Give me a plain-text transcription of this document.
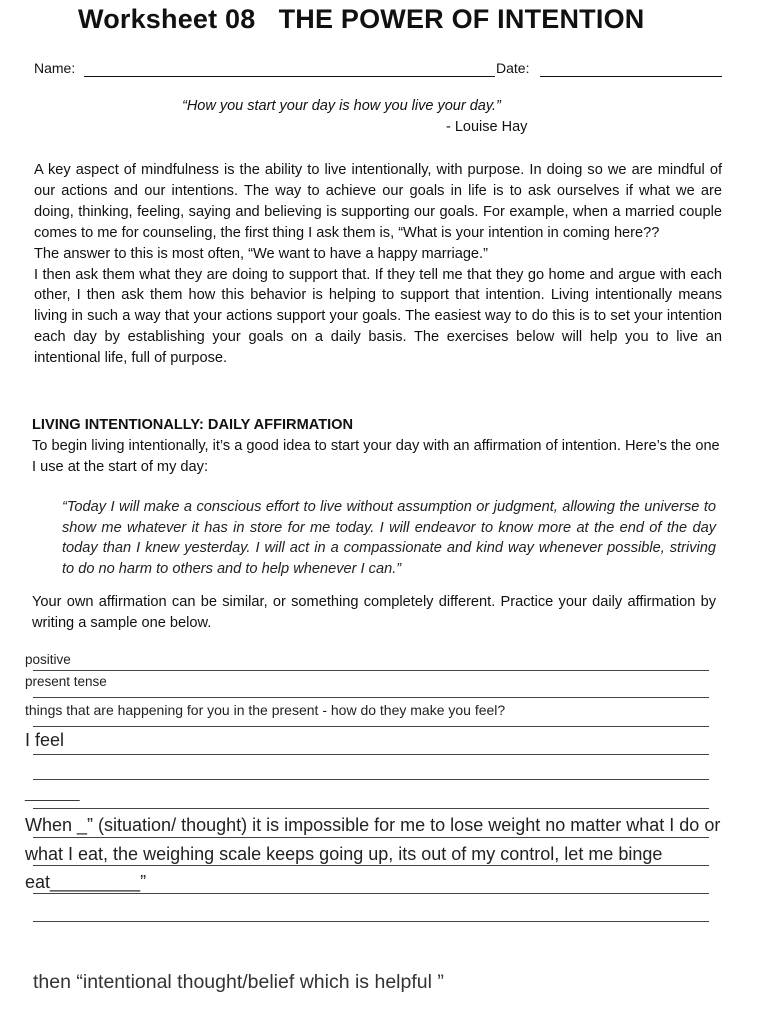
Worksheet 08   THE POWER OF INTENTION
Name:	Date:
“How you start your day is how you live your day.”
- Louise Hay

A key aspect of mindfulness is the ability to live intentionally, with purpose. In doing so we are mindful of our actions and our intentions. The way to achieve our goals in life is to ask ourselves if what we are doing, thinking, feeling, saying and believing is supporting our goals. For example, when a married couple comes to me for counseling, the first thing I ask them is, “What is your intention in coming here??

The answer to this is most often, “We want to have a happy marriage.”

I then ask them what they are doing to support that. If they tell me that they go home and argue with each other, I then ask them how this behavior is helping to support that intention. Living intentionally means living in such a way that your actions support your goals. The easiest way to do this is to set your intention each day by establishing your goals on a daily basis. The exercises below will help you to live an intentional life, full of purpose.

LIVING INTENTIONALLY: DAILY AFFIRMATION
To begin living intentionally, it’s a good idea to start your day with an affirmation of intention. Here’s the one I use at the start of my day:
“Today I will make a conscious effort to live without assumption or judgment, allowing the universe to show me whatever it has in store for me today. I will endeavor to know more at the end of the day today than I knew yesterday. I will act in a compassionate and kind way whenever possible, striving to do no harm to others and to help whenever I can.”
Your own affirmation can be similar, or something completely different. Practice your daily affirmation by writing a sample one below.
positive
present tense
things that are happening for you in the present - how do they make you feel?
I feel
_______
When _” (situation/ thought) it is impossible for me to lose weight no matter what I do or what I eat, the weighing scale keeps going up, its out of my control, let me binge eat_________”
then “intentional thought/belief which is helpful ”
